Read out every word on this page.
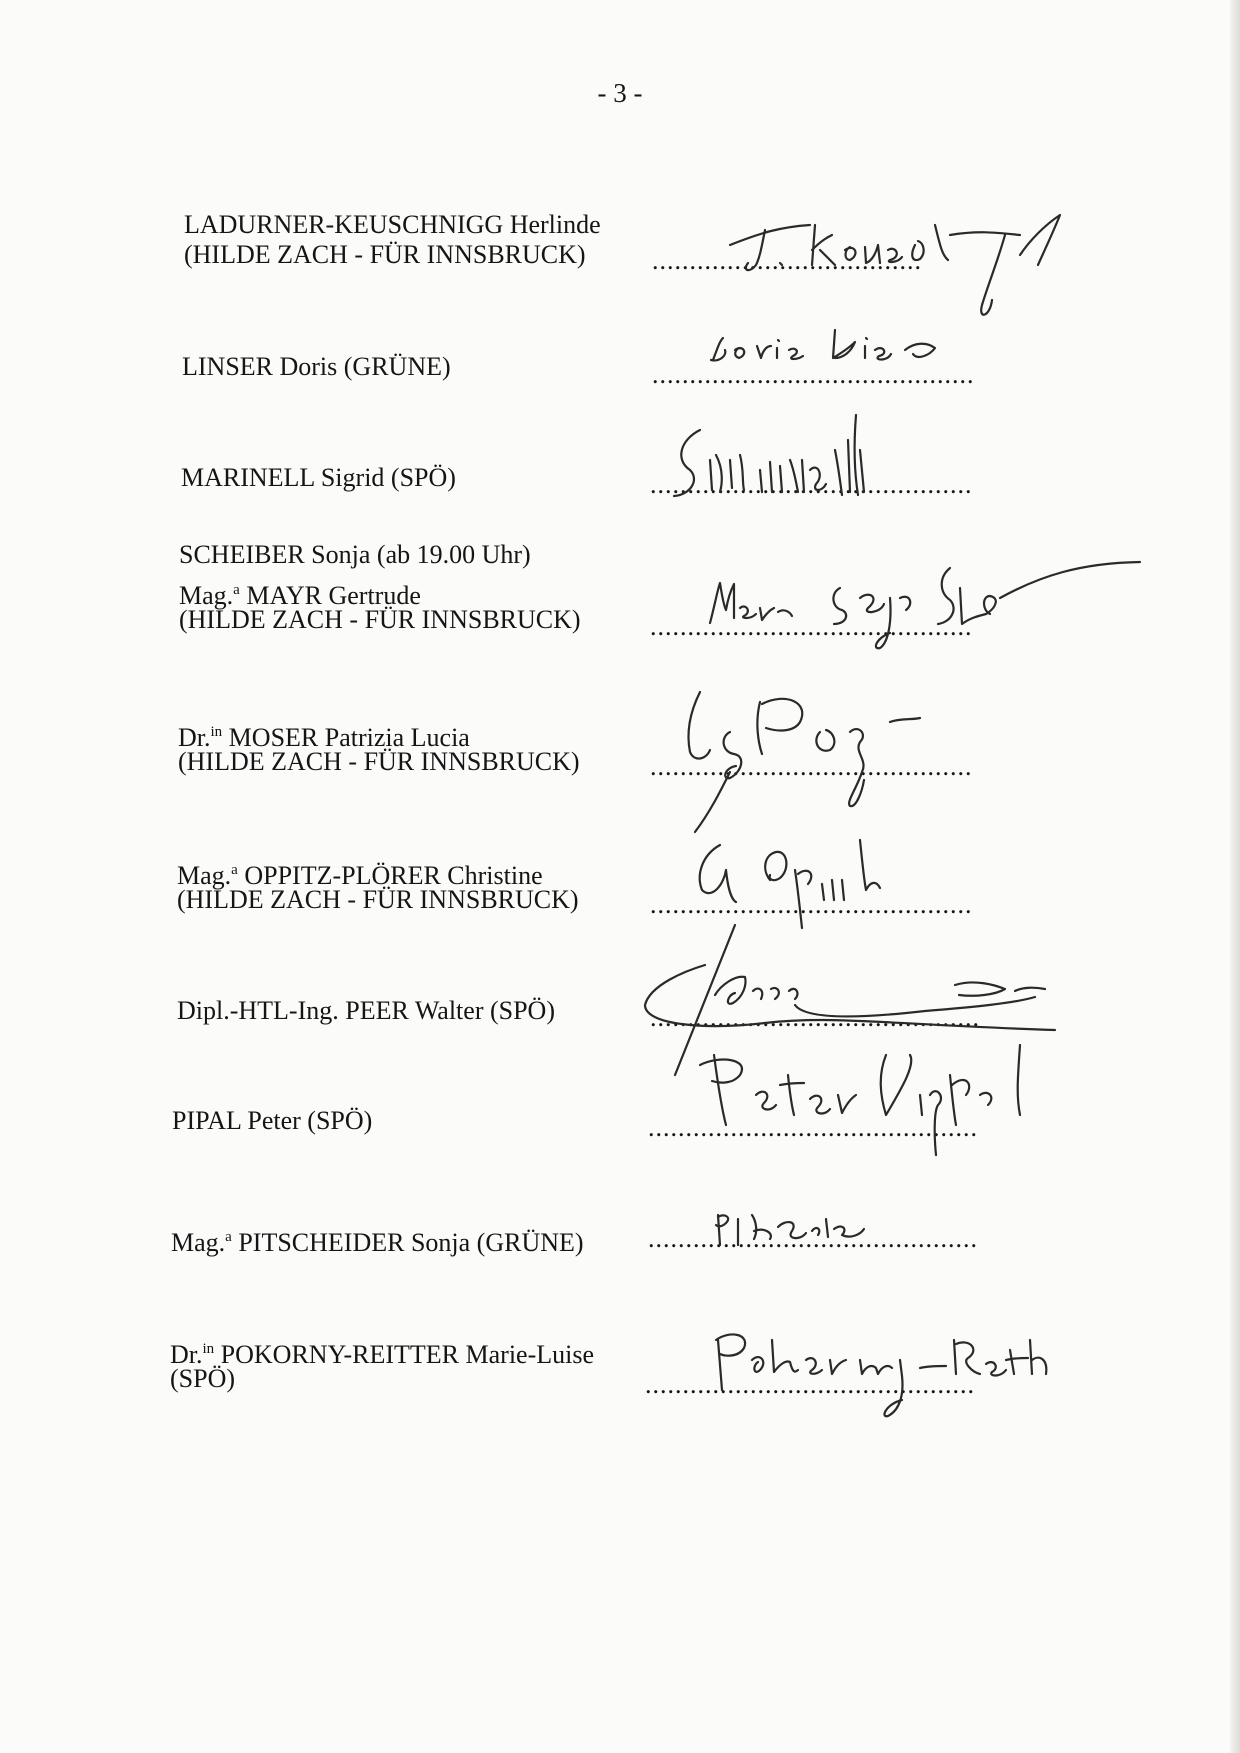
- 3 -
LADURNER-KEUSCHNIGG Herlinde
(HILDE ZACH - FÜR INNSBRUCK)	....................................
LINSER Doris (GRÜNE)	...........................................
MARINELL Sigrid (SPÖ)	...........................................
SCHEIBER Sonja (ab 19.00 Uhr)
Mag.$^a$ MAYR Gertrude
(HILDE ZACH - FÜR INNSBRUCK)	...........................................
Dr.$^{in}$ MOSER Patrizia Lucia
(HILDE ZACH - FÜR INNSBRUCK)	...........................................
Mag.$^a$ OPPITZ-PLÖRER Christine
(HILDE ZACH - FÜR INNSBRUCK)	...........................................
Dipl.-HTL-Ing. PEER Walter (SPÖ)	............................................
PIPAL Peter (SPÖ)	............................................
Mag.$^a$ PITSCHEIDER Sonja (GRÜNE) ............................................
Dr.$^{in}$ POKORNY-REITTER Marie-Luise
(SPÖ)	............................................
